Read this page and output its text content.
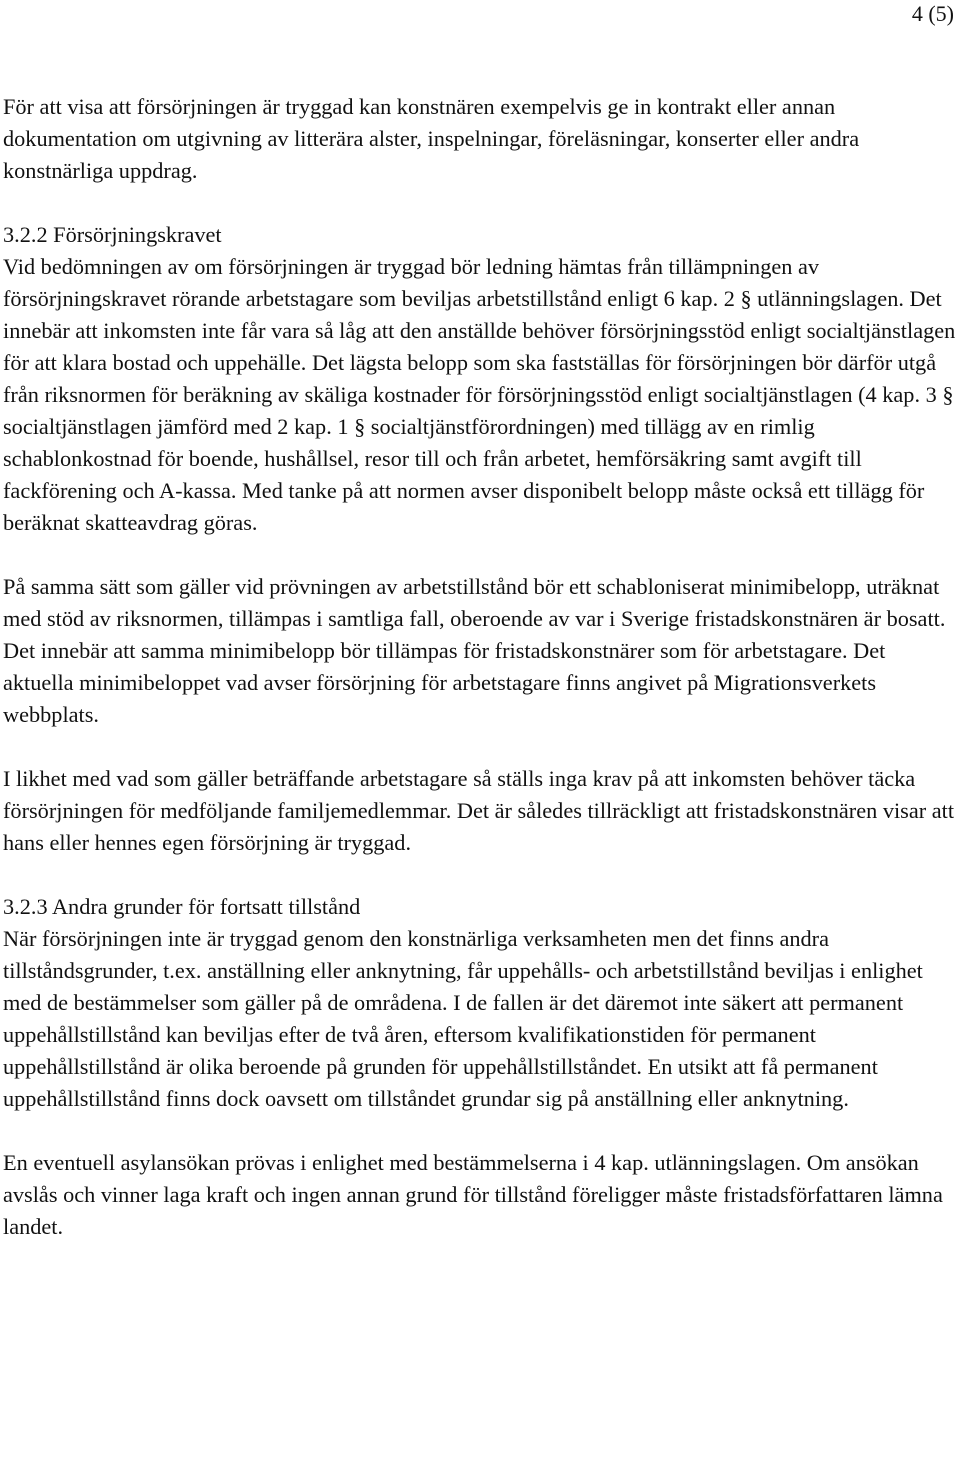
4 (5)

För att visa att försörjningen är tryggad kan konstnären exempelvis ge in kontrakt eller annan dokumentation om utgivning av litterära alster, inspelningar, föreläsningar, konserter eller andra konstnärliga uppdrag.

3.2.2 Försörjningskravet
Vid bedömningen av om försörjningen är tryggad bör ledning hämtas från tillämpningen av försörjningskravet rörande arbetstagare som beviljas arbetstillstånd enligt 6 kap. 2 § utlänningslagen. Det innebär att inkomsten inte får vara så låg att den anställde behöver försörjningsstöd enligt socialtjänstlagen för att klara bostad och uppehälle. Det lägsta belopp som ska fastställas för försörjningen bör därför utgå från riksnormen för beräkning av skäliga kostnader för försörjningsstöd enligt socialtjänstlagen (4 kap. 3 § socialtjänstlagen jämförd med 2 kap. 1 § socialtjänstförordningen) med tillägg av en rimlig schablonkostnad för boende, hushållsel, resor till och från arbetet, hemförsäkring samt avgift till fackförening och A-kassa. Med tanke på att normen avser disponibelt belopp måste också ett tillägg för beräknat skatteavdrag göras.

På samma sätt som gäller vid prövningen av arbetstillstånd bör ett schabloniserat minimibelopp, uträknat med stöd av riksnormen, tillämpas i samtliga fall, oberoende av var i Sverige fristadskonstnären är bosatt. Det innebär att samma minimibelopp bör tillämpas för fristadskonstnärer som för arbetstagare. Det aktuella minimibeloppet vad avser försörjning för arbetstagare finns angivet på Migrationsverkets webbplats.

I likhet med vad som gäller beträffande arbetstagare så ställs inga krav på att inkomsten behöver täcka försörjningen för medföljande familjemedlemmar. Det är således tillräckligt att fristadskonstnären visar att hans eller hennes egen försörjning är tryggad.

3.2.3 Andra grunder för fortsatt tillstånd
När försörjningen inte är tryggad genom den konstnärliga verksamheten men det finns andra tillståndsgrunder, t.ex. anställning eller anknytning, får uppehålls- och arbetstillstånd beviljas i enlighet med de bestämmelser som gäller på de områdena. I de fallen är det däremot inte säkert att permanent uppehållstillstånd kan beviljas efter de två åren, eftersom kvalifikationstiden för permanent uppehållstillstånd är olika beroende på grunden för uppehållstillståndet. En utsikt att få permanent uppehållstillstånd finns dock oavsett om tillståndet grundar sig på anställning eller anknytning.

En eventuell asylansökan prövas i enlighet med bestämmelserna i 4 kap. utlänningslagen. Om ansökan avslås och vinner laga kraft och ingen annan grund för tillstånd föreligger måste fristadsförfattaren lämna landet.
